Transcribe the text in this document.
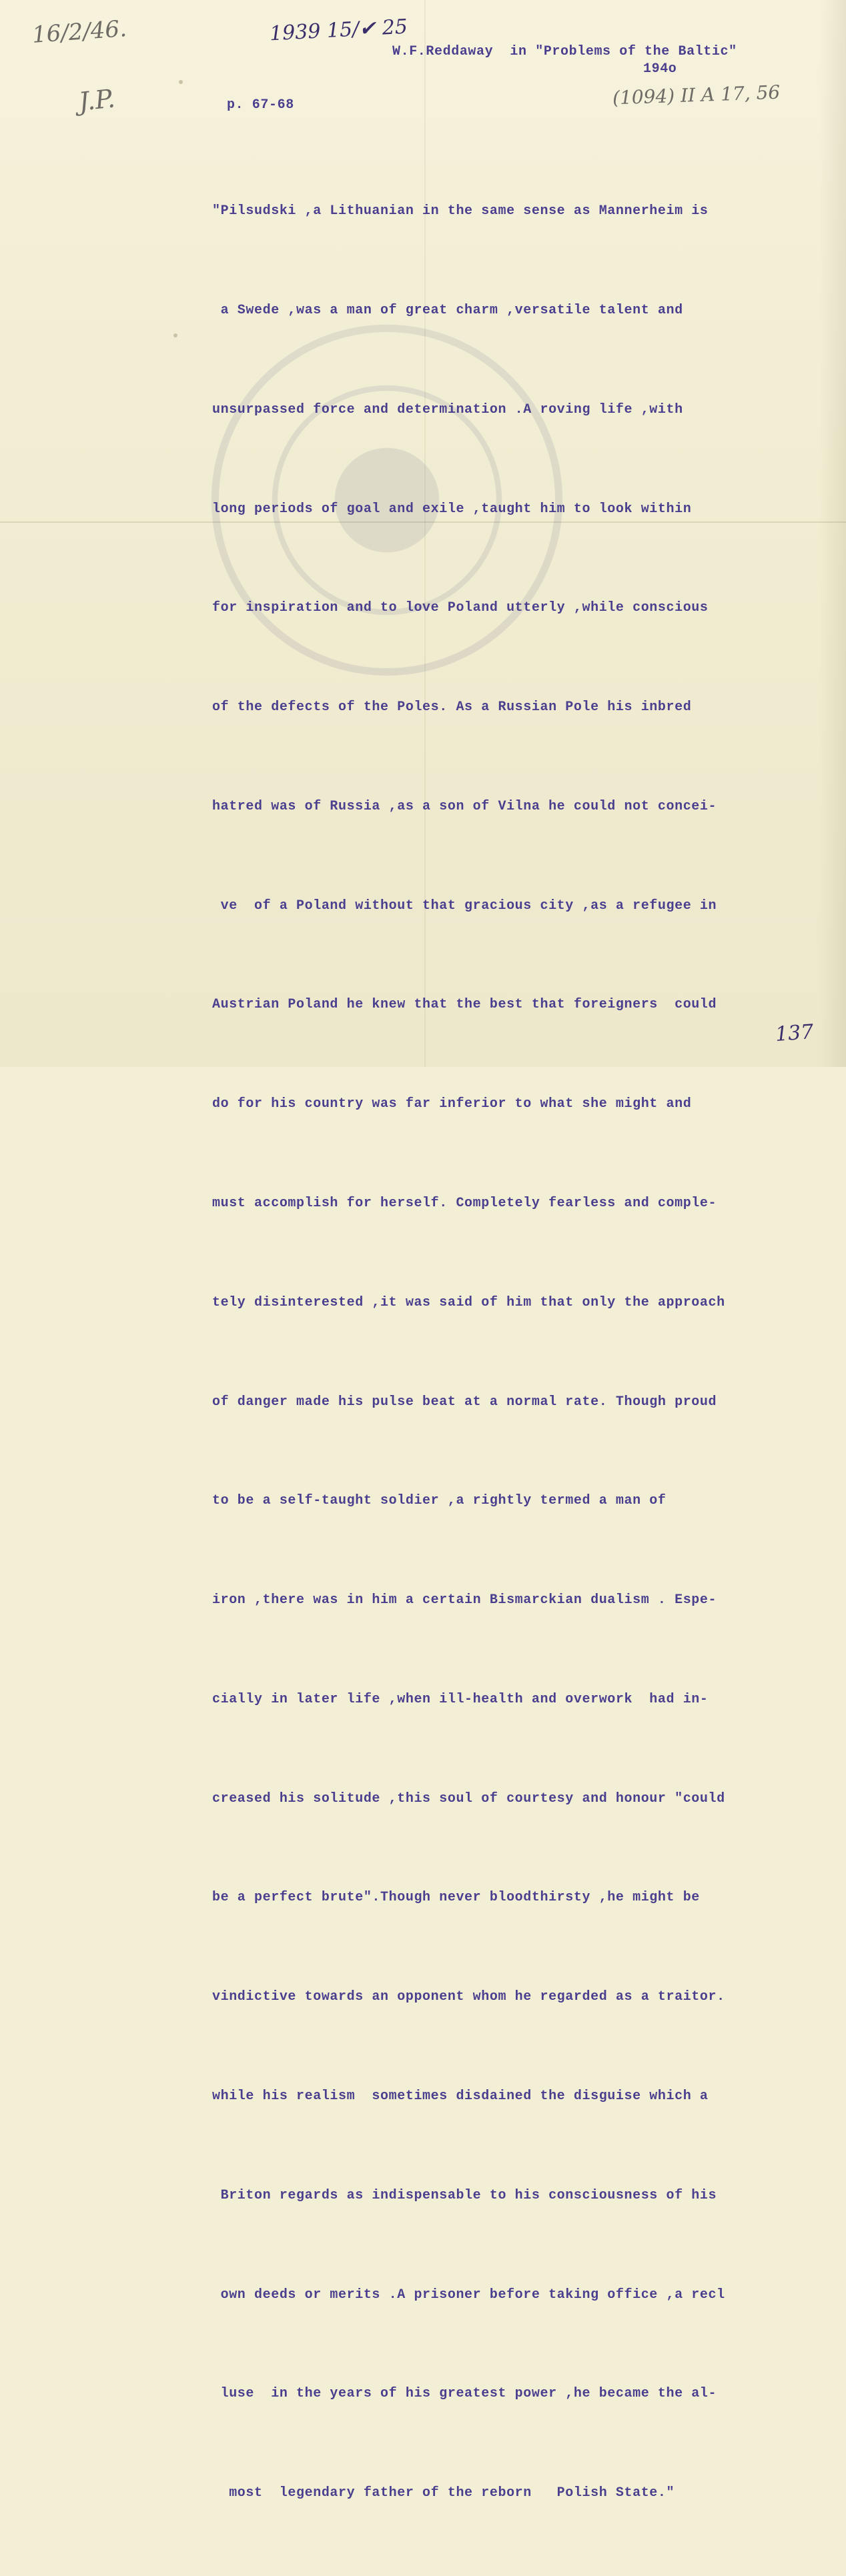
16/2/46.
J.P.
1939 15/✔ 25
(1094) II A 17, 56
137
W.F.Reddaway  in "Problems of the Baltic"
194o
p. 67-68

"Pilsudski ,a Lithuanian in the same sense as Mannerheim is

a Swede ,was a man of great charm ,versatile talent and

unsurpassed force and determination .A roving life ,with

long periods of goal and exile ,taught him to look within

for inspiration and to love Poland utterly ,while conscious

of the defects of the Poles. As a Russian Pole his inbred

hatred was of Russia ,as a son of Vilna he could not concei-

ve  of a Poland without that gracious city ,as a refugee in

Austrian Poland he knew that the best that foreigners  could

do for his country was far inferior to what she might and

must accomplish for herself. Completely fearless and comple-

tely disinterested ,it was said of him that only the approach

of danger made his pulse beat at a normal rate. Though proud

to be a self-taught soldier ,a rightly termed a man of

iron ,there was in him a certain Bismarckian dualism . Espe-

cially in later life ,when ill-health and overwork  had in-

creased his solitude ,this soul of courtesy and honour "could

be a perfect brute".Though never bloodthirsty ,he might be

vindictive towards an opponent whom he regarded as a traitor.

while his realism  sometimes disdained the disguise which a

Briton regards as indispensable to his consciousness of his

own deeds or merits .A prisoner before taking office ,a recl

luse  in the years of his greatest power ,he became the al-

most  legendary father of the reborn   Polish State."
